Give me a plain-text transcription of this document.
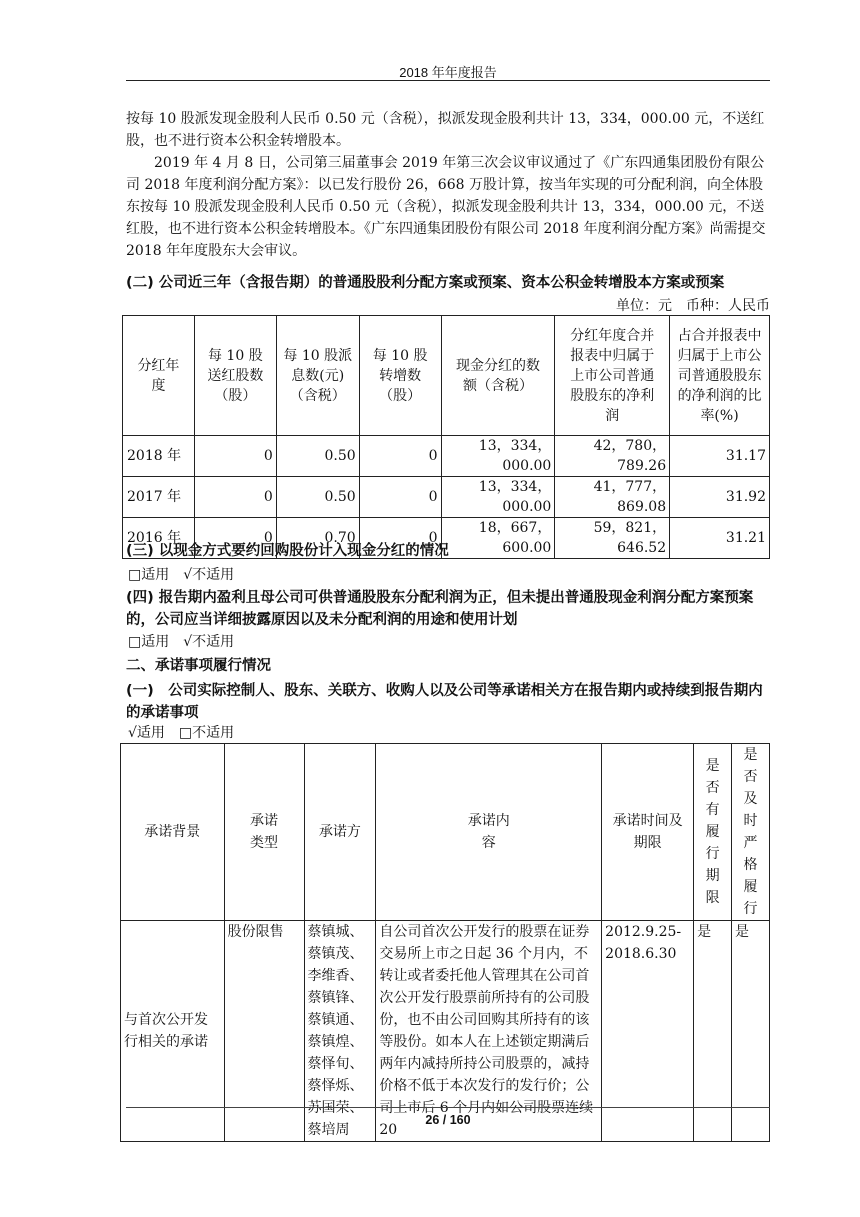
2018 年年度报告

按每 10 股派发现金股利人民币 0.50 元（含税），拟派发现金股利共计 13，334，000.00 元，不送红股，也不进行资本公积金转增股本。

2019 年 4 月 8 日，公司第三届董事会 2019 年第三次会议审议通过了《广东四通集团股份有限公司 2018 年度利润分配方案》：以已发行股份 26，668 万股计算，按当年实现的可分配利润，向全体股东按每 10 股派发现金股利人民币 0.50 元（含税），拟派发现金股利共计 13，334，000.00 元，不送红股，也不进行资本公积金转增股本。《广东四通集团股份有限公司 2018 年度利润分配方案》尚需提交 2018 年年度股东大会审议。

(二) 公司近三年（含报告期）的普通股股利分配方案或预案、资本公积金转增股本方案或预案

单位：元　币种：人民币
分红年度	每 10 股送红股数（股）	每 10 股派息数(元)（含税）	每 10 股转增数（股）	现金分红的数额（含税）	分红年度合并报表中归属于上市公司普通股股东的净利润	占合并报表中归属于上市公司普通股股东的净利润的比率(%)
2018 年	0	0.50	0	13，334，000.00	42，780，789.26	31.17
2017 年	0	0.50	0	13，334，000.00	41，777，869.08	31.92
2016 年	0	0.70	0	18，667，600.00	59，821，646.52	31.21

(三) 以现金方式要约回购股份计入现金分红的情况

□适用　√不适用

(四) 报告期内盈利且母公司可供普通股股东分配利润为正，但未提出普通股现金利润分配方案预案的，公司应当详细披露原因以及未分配利润的用途和使用计划

□适用　√不适用

二、承诺事项履行情况

(一)　公司实际控制人、股东、关联方、收购人以及公司等承诺相关方在报告期内或持续到报告期内的承诺事项

√适用　□不适用
承诺背景	承诺类型	承诺方	承诺内容	承诺时间及期限	是否有履行期限	是否及时严格履行

与首次公开发行相关的承诺	股份限售	蔡镇城、蔡镇茂、李维香、蔡镇锋、蔡镇通、蔡镇煌、蔡怿旬、蔡怿烁、苏国荣、蔡培周	自公司首次公开发行的股票在证券交易所上市之日起 36 个月内，不转让或者委托他人管理其在公司首次公开发行股票前所持有的公司股份，也不由公司回购其所持有的该等股份。如本人在上述锁定期满后两年内减持所持公司股票的，减持价格不低于本次发行的发行价；公司上市后 6 个月内如公司股票连续 20	2012.9.25-2018.6.30	是	是
26 / 160
